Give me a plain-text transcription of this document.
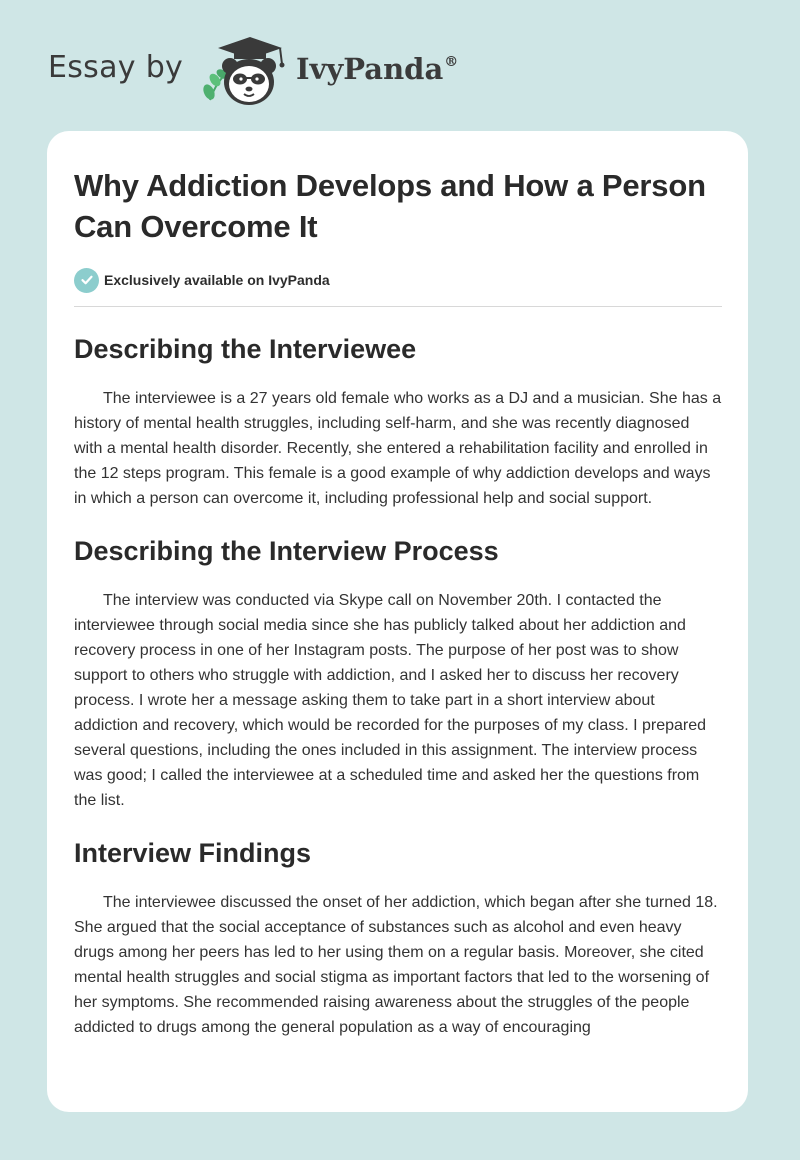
Essay by	IvyPanda®
Why Addiction Develops and How a Person Can Overcome It
Exclusively available on IvyPanda
Describing the Interviewee

The interviewee is a 27 years old female who works as a DJ and a musician. She has a history of mental health struggles, including self-harm, and she was recently diagnosed with a mental health disorder. Recently, she entered a rehabilitation facility and enrolled in the 12 steps program. This female is a good example of why addiction develops and ways in which a person can overcome it, including professional help and social support.

Describing the Interview Process

The interview was conducted via Skype call on November 20th. I contacted the interviewee through social media since she has publicly talked about her addiction and recovery process in one of her Instagram posts. The purpose of her post was to show support to others who struggle with addiction, and I asked her to discuss her recovery process. I wrote her a message asking them to take part in a short interview about addiction and recovery, which would be recorded for the purposes of my class. I prepared several questions, including the ones included in this assignment. The interview process was good; I called the interviewee at a scheduled time and asked her the questions from the list.

Interview Findings

The interviewee discussed the onset of her addiction, which began after she turned 18. She argued that the social acceptance of substances such as alcohol and even heavy drugs among her peers has led to her using them on a regular basis. Moreover, she cited mental health struggles and social stigma as important factors that led to the worsening of her symptoms. She recommended raising awareness about the struggles of the people addicted to drugs among the general population as a way of encouraging
